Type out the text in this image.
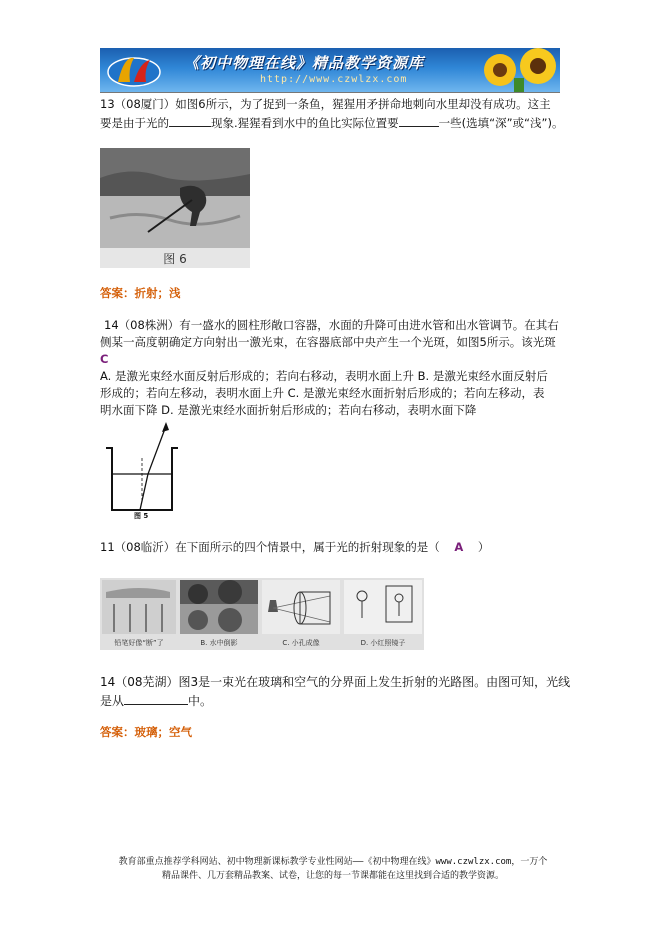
《初中物理在线》精品教学资源库
http://www.czwlzx.com
13（08厦门）如图6所示，为了捉到一条鱼，猩猩用矛拼命地刺向水里却没有成功。这主
要是由于光的	现象.猩猩看到水中的鱼比实际位置要	一些(选填“深”或“浅”)。
图 6
答案：折射；浅
14（08株洲）有一盛水的圆柱形敞口容器，水面的升降可由进水管和出水管调节。在其右
侧某一高度朝确定方向射出一激光束，在容器底部中央产生一个光斑，如图5所示。该光斑
C
A. 是激光束经水面反射后形成的；若向右移动，表明水面上升 B. 是激光束经水面反射后
形成的；若向左移动，表明水面上升 C. 是激光束经水面折射后形成的；若向左移动，表
明水面下降 D. 是激光束经水面折射后形成的；若向右移动，表明水面下降
图 5
11（08临沂）在下面所示的四个情景中，属于光的折射现象的是（ A ）
铅笔好像“断”了	B. 水中倒影	C. 小孔成像	D. 小红照镜子
14（08芜湖）图3是一束光在玻璃和空气的分界面上发生折射的光路图。由图可知，光线
是从	中。
答案：玻璃；空气
教育部重点推荐学科网站、初中物理新课标教学专业性网站——《初中物理在线》www.czwlzx.com，一万个
精品课件、几万套精品教案、试卷，让您的每一节课都能在这里找到合适的教学资源。
